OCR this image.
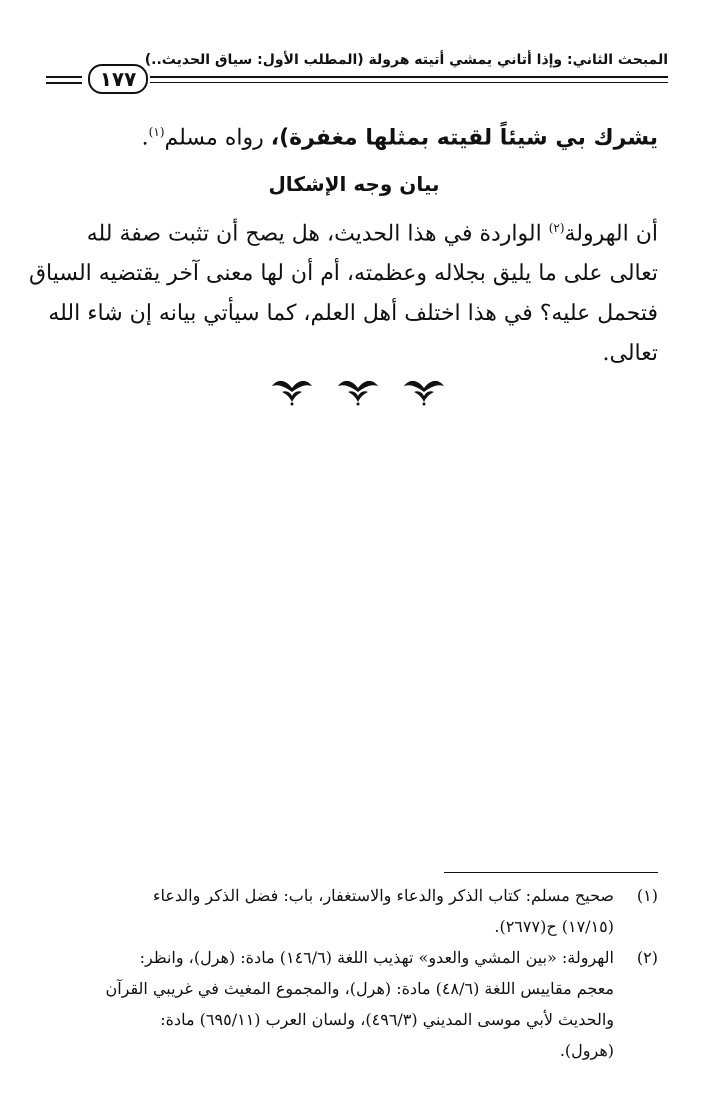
المبحث الثاني: وإذا أتاني يمشي أتيته هرولة (المطلب الأول: سياق الحديث..)
١٧٧
يشرك بي شيئاً لقيته بمثلها مغفرة)، رواه مسلم$^{(١)}$.
بيان وجه الإشكال
أن الهرولة$^{(٢)}$ الواردة في هذا الحديث، هل يصح أن تثبت صفة لله
تعالى على ما يليق بجلاله وعظمته، أم أن لها معنى آخر يقتضيه السياق
فتحمل عليه؟ في هذا اختلف أهل العلم، كما سيأتي بيانه إن شاء الله
تعالى.
(١)
صحيح مسلم: كتاب الذكر والدعاء والاستغفار، باب: فضل الذكر والدعاء
(١٧/١٥) ح(٢٦٧٧).
(٢)
الهرولة: «بين المشي والعدو» تهذيب اللغة (١٤٦/٦) مادة: (هرل)، وانظر:
معجم مقاييس اللغة (٤٨/٦) مادة: (هرل)، والمجموع المغيث في غريبي القرآن
والحديث لأبي موسى المديني (٤٩٦/٣)، ولسان العرب (٦٩٥/١١) مادة:
(هرول).
